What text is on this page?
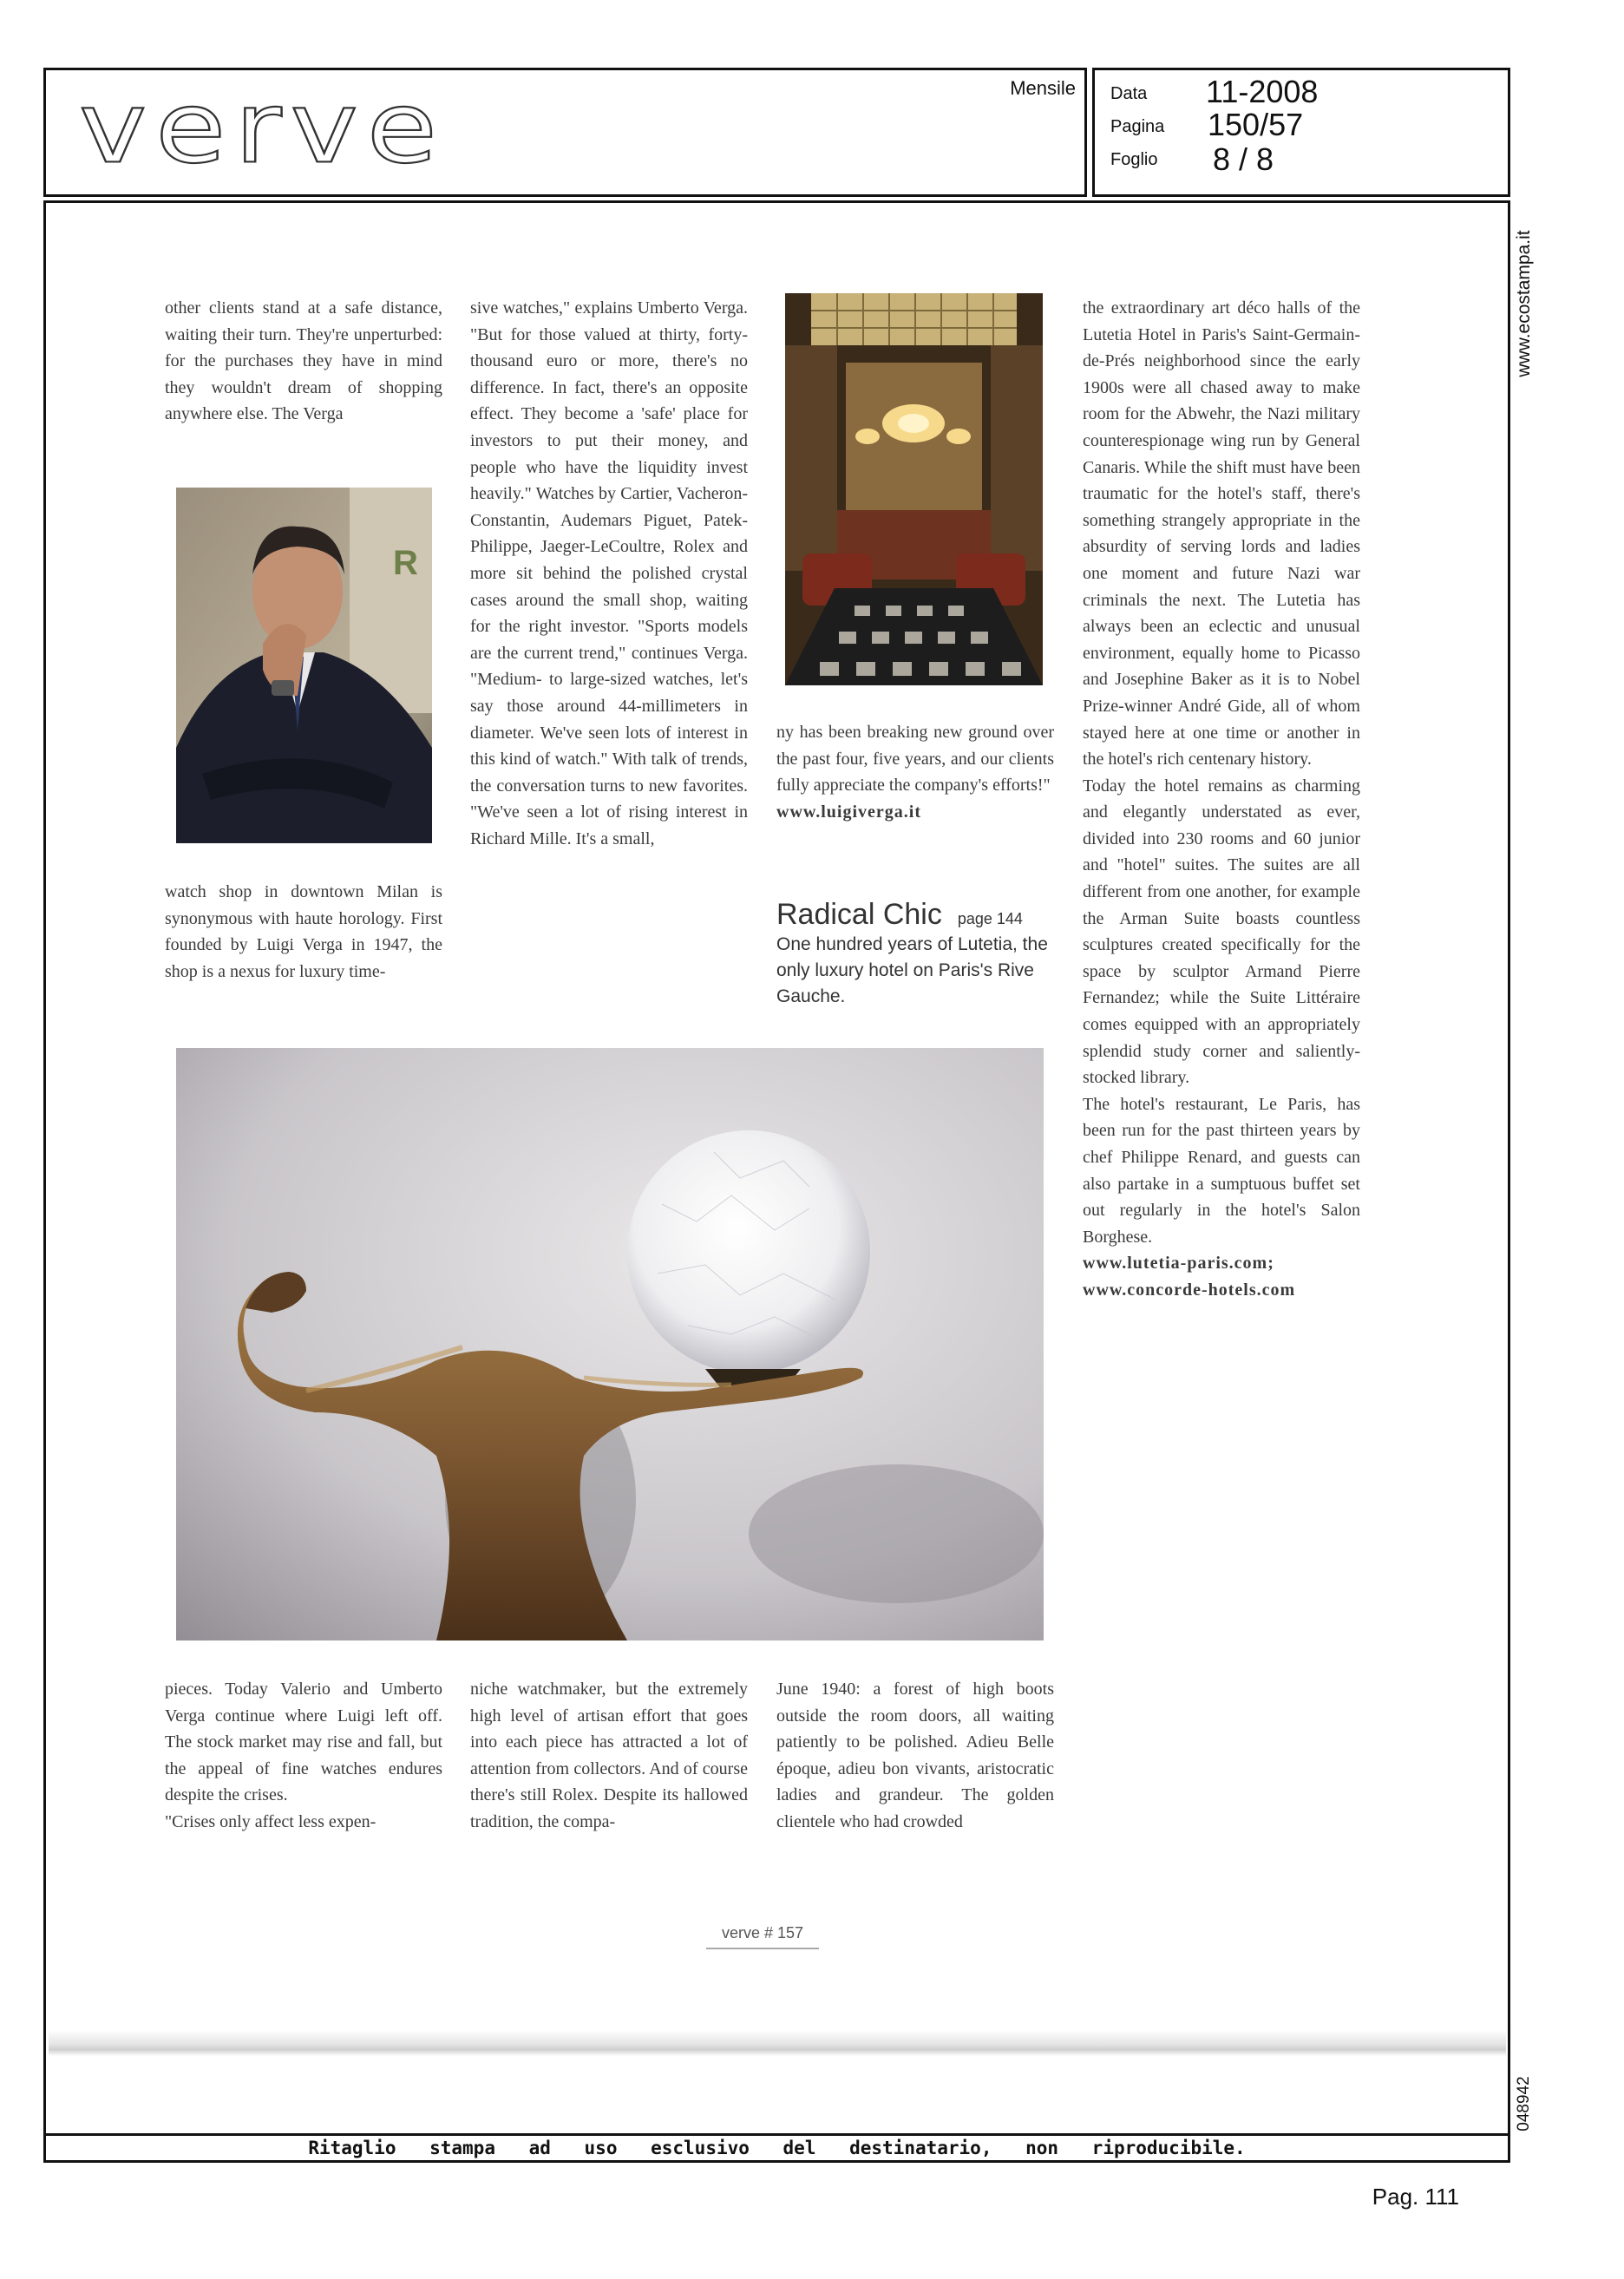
verve	Mensile Data 11-2008
Pagina 150/57
Foglio 8 / 8
www.ecostampa.it
048942

other clients stand at a safe distance, waiting their turn. They're unperturbed: for the purchases they have in mind they wouldn't dream of shopping anywhere else. The Verga

R

watch shop in downtown Milan is synonymous with haute horology. First founded by Luigi Verga in 1947, the shop is a nexus for luxury time-

sive watches," explains Umberto Verga. "But for those valued at thirty, forty-thousand euro or more, there's no difference. In fact, there's an opposite effect. They become a 'safe' place for investors to put their money, and people who have the liquidity invest heavily." Watches by Cartier, Vacheron-Constantin, Audemars Piguet, Patek-Philippe, Jaeger-LeCoultre, Rolex and more sit behind the polished crystal cases around the small shop, waiting for the right investor. "Sports models are the current trend," continues Verga. "Medium- to large-sized watches, let's say those around 44-millimeters in diameter. We've seen lots of interest in this kind of watch." With talk of trends, the conversation turns to new favorites. "We've seen a lot of rising interest in Richard Mille. It's a small,

ny has been breaking new ground over the past four, five years, and our clients fully appreciate the company's efforts!"

www.luigiverga.it

Radical Chic page 144
One hundred years of Lutetia, the only luxury hotel on Paris's Rive Gauche.

the extraordinary art déco halls of the Lutetia Hotel in Paris's Saint-Germain-de-Prés neighborhood since the early 1900s were all chased away to make room for the Abwehr, the Nazi military counterespionage wing run by General Canaris. While the shift must have been traumatic for the hotel's staff, there's something strangely appropriate in the absurdity of serving lords and ladies one moment and future Nazi war criminals the next. The Lutetia has always been an eclectic and unusual environment, equally home to Picasso and Josephine Baker as it is to Nobel Prize-winner André Gide, all of whom stayed here at one time or another in the hotel's rich centenary history.

Today the hotel remains as charming and elegantly understated as ever, divided into 230 rooms and 60 junior and "hotel" suites. The suites are all different from one another, for example the Arman Suite boasts countless sculptures created specifically for the space by sculptor Armand Pierre Fernandez; while the Suite Littéraire comes equipped with an appropriately splendid study corner and saliently-stocked library.

The hotel's restaurant, Le Paris, has been run for the past thirteen years by chef Philippe Renard, and guests can also partake in a sumptuous buffet set out regularly in the hotel's Salon Borghese.

www.lutetia-paris.com;

www.concorde-hotels.com

pieces. Today Valerio and Umberto Verga continue where Luigi left off. The stock market may rise and fall, but the appeal of fine watches endures despite the crises.

"Crises only affect less expen-

niche watchmaker, but the extremely high level of artisan effort that goes into each piece has attracted a lot of attention from collectors. And of course there's still Rolex. Despite its hallowed tradition, the compa-

June 1940: a forest of high boots outside the room doors, all waiting patiently to be polished. Adieu Belle époque, adieu bon vivants, aristocratic ladies and grandeur. The golden clientele who had crowded

verve # 157
Ritaglio stampa ad uso esclusivo del destinatario, non riproducibile.
Pag. 111
